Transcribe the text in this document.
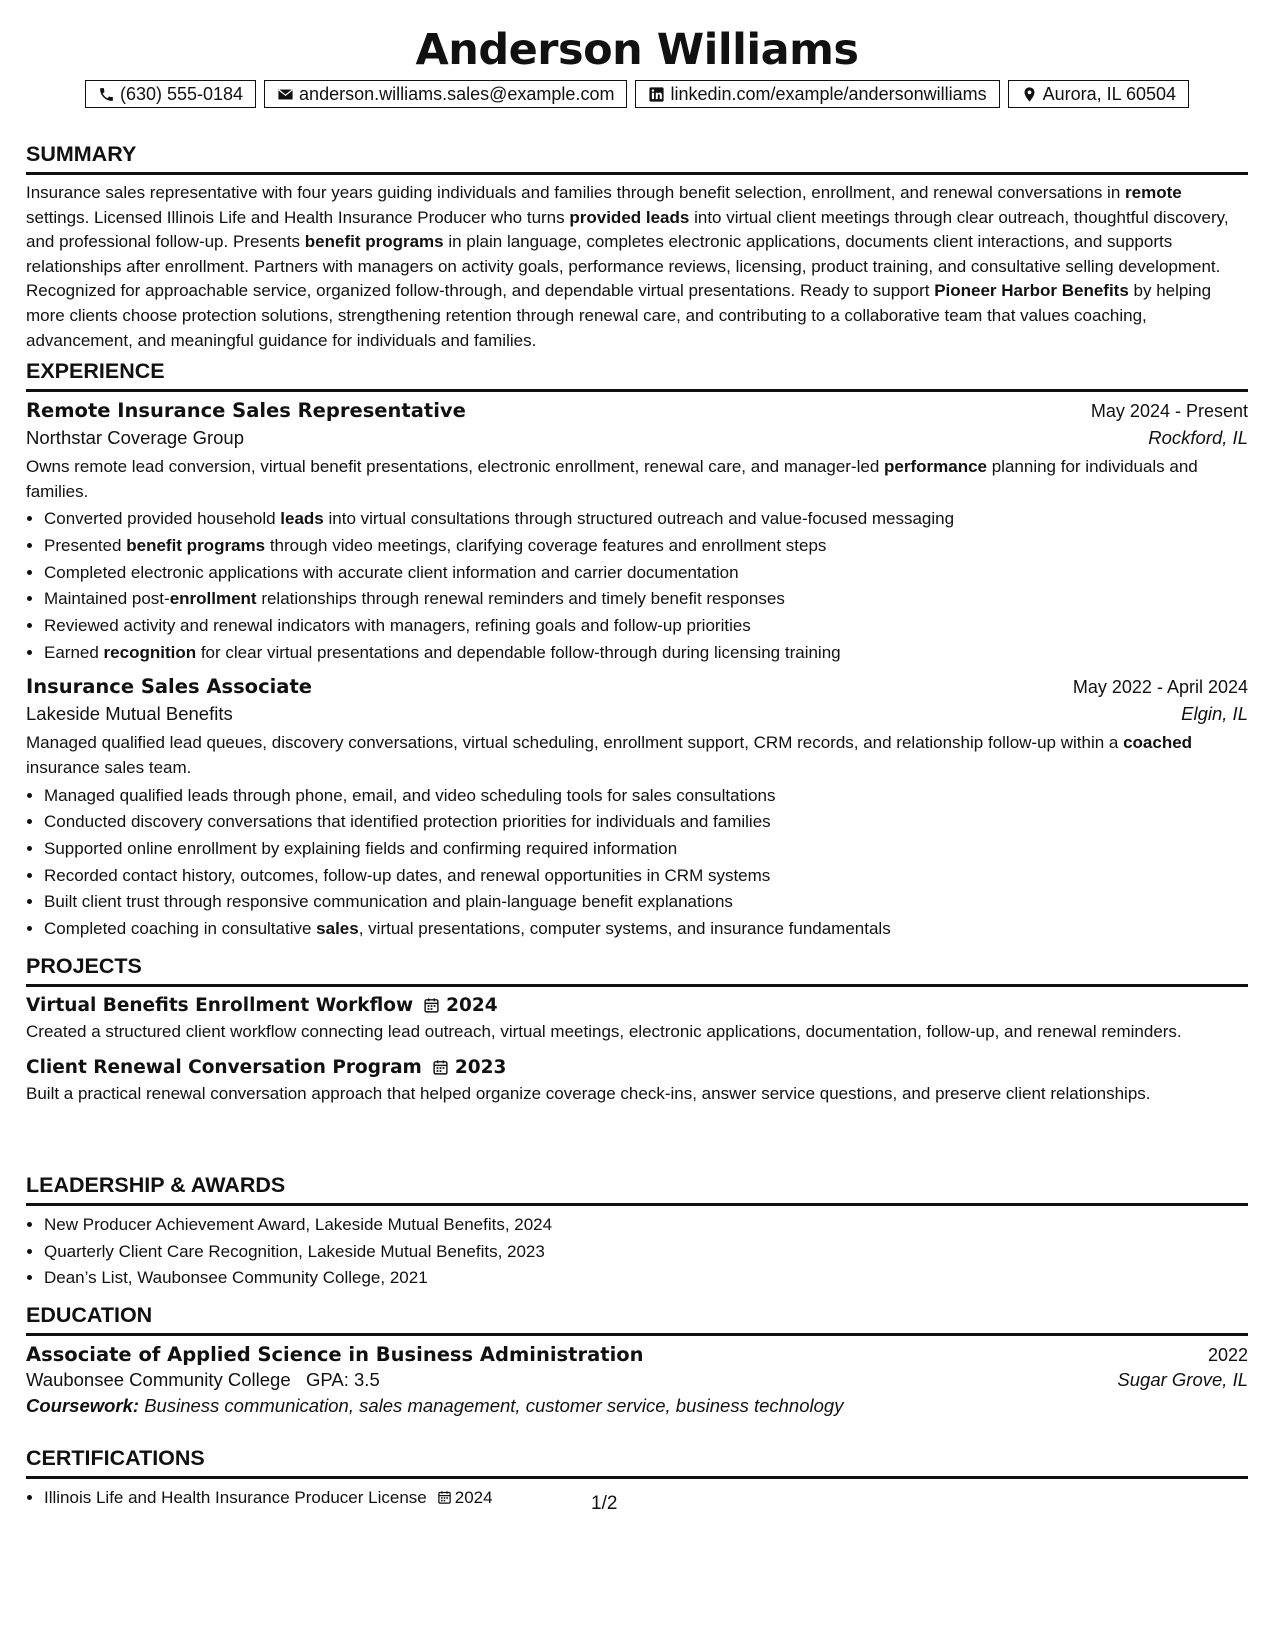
Anderson Williams
(630) 555-0184	anderson.williams.sales@example.com	linkedin.com/example/andersonwilliams	Aurora, IL 60504
SUMMARY
Insurance sales representative with four years guiding individuals and families through benefit selection, enrollment, and renewal conversations in remote settings. Licensed Illinois Life and Health Insurance Producer who turns provided leads into virtual client meetings through clear outreach, thoughtful discovery, and professional follow-up. Presents benefit programs in plain language, completes electronic applications, documents client interactions, and supports relationships after enrollment. Partners with managers on activity goals, performance reviews, licensing, product training, and consultative selling development. Recognized for approachable service, organized follow-through, and dependable virtual presentations. Ready to support Pioneer Harbor Benefits by helping more clients choose protection solutions, strengthening retention through renewal care, and contributing to a collaborative team that values coaching, advancement, and meaningful guidance for individuals and families.
EXPERIENCE
Remote Insurance Sales Representative	May 2024 - Present
Northstar Coverage Group	Rockford, IL
Owns remote lead conversion, virtual benefit presentations, electronic enrollment, renewal care, and manager-led performance planning for individuals and families.
• Converted provided household leads into virtual consultations through structured outreach and value-focused messaging
• Presented benefit programs through video meetings, clarifying coverage features and enrollment steps
• Completed electronic applications with accurate client information and carrier documentation
• Maintained post-enrollment relationships through renewal reminders and timely benefit responses
• Reviewed activity and renewal indicators with managers, refining goals and follow-up priorities
• Earned recognition for clear virtual presentations and dependable follow-through during licensing training
Insurance Sales Associate	May 2022 - April 2024
Lakeside Mutual Benefits	Elgin, IL
Managed qualified lead queues, discovery conversations, virtual scheduling, enrollment support, CRM records, and relationship follow-up within a coached insurance sales team.
• Managed qualified leads through phone, email, and video scheduling tools for sales consultations
• Conducted discovery conversations that identified protection priorities for individuals and families
• Supported online enrollment by explaining fields and confirming required information
• Recorded contact history, outcomes, follow-up dates, and renewal opportunities in CRM systems
• Built client trust through responsive communication and plain-language benefit explanations
• Completed coaching in consultative sales, virtual presentations, computer systems, and insurance fundamentals
PROJECTS
Virtual Benefits Enrollment Workflow 2024
Created a structured client workflow connecting lead outreach, virtual meetings, electronic applications, documentation, follow-up, and renewal reminders.
Client Renewal Conversation Program 2023
Built a practical renewal conversation approach that helped organize coverage check-ins, answer service questions, and preserve client relationships.
LEADERSHIP & AWARDS
• New Producer Achievement Award, Lakeside Mutual Benefits, 2024
• Quarterly Client Care Recognition, Lakeside Mutual Benefits, 2023
• Dean’s List, Waubonsee Community College, 2021
EDUCATION
Associate of Applied Science in Business Administration	2022
Waubonsee Community College GPA: 3.5	Sugar Grove, IL
Coursework: Business communication, sales management, customer service, business technology
CERTIFICATIONS
• Illinois Life and Health Insurance Producer License 2024	1/2
